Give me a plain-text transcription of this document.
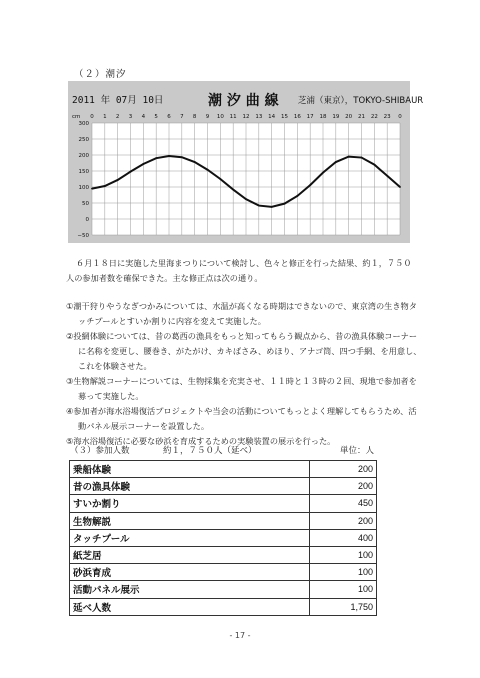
（２）潮汐
2011 年 07月 10日	潮 汐 曲 線 芝浦（東京），TOKYO-SHIBAUR
cm 0 1 2 3 4 5 6 7 8 9 10 11 12 13 14 15 16 17 18 19 20 21 22 23 0
300
250
200
150
100
50
0
−50

６月１８日に実施した里海まつりについて検討し、色々と修正を行った結果、約１，７５０人の参加者数を確保できた。主な修正点は次の通り。

①潮干狩りやうなぎつかみについては、水温が高くなる時期はできないので、東京湾の生き物タッチプールとすいか割りに内容を変えて実施した。
②投網体験については、昔の葛西の漁具をもっと知ってもらう観点から、昔の漁具体験コーナーに名称を変更し、腰巻き、がたがけ、カキばさみ、めほり、アナゴ筒、四つ手網、を用意し、これを体験させた。
③生物解説コーナーについては、生物採集を充実させ、１１時と１３時の２回、現地で参加者を募って実施した。
④参加者が海水浴場復活プロジェクトや当会の活動についてもっとよく理解してもらうため、活動パネル展示コーナーを設置した。
⑤海水浴場復活に必要な砂浜を育成するための実験装置の展示を行った。
（３）参加人数	約１，７５０人（延べ）	単位：人
乗船体験	200
昔の漁具体験	200
すいか割り	450
生物解説	200
タッチプール	400
紙芝居	100
砂浜育成	100
活動パネル展示	100
延べ人数	1,750
- 17 -
